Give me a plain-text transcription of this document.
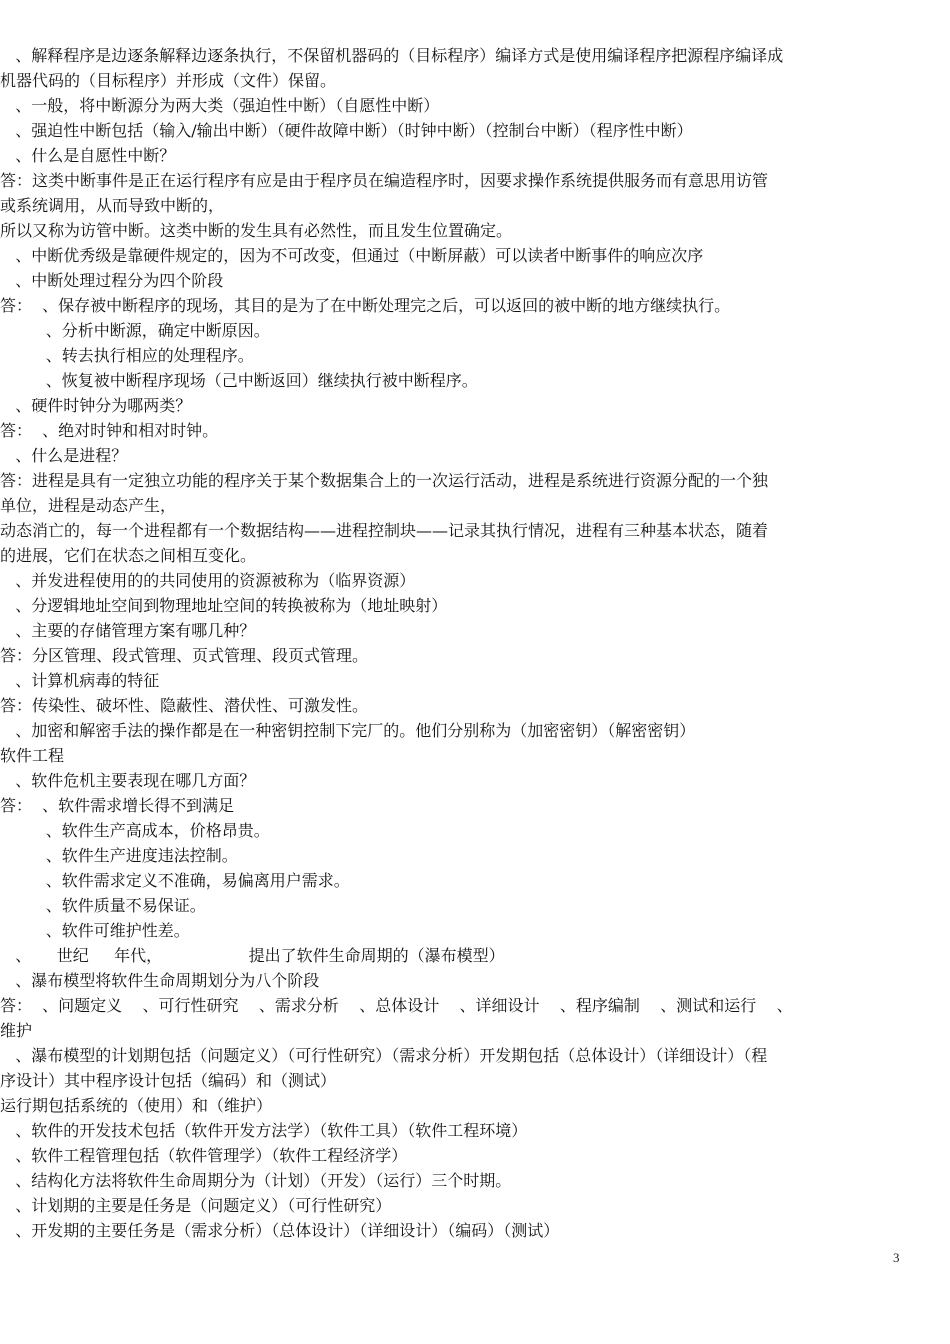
、解释程序是边逐条解释边逐条执行，不保留机器码的（目标程序）编译方式是使用编译程序把源程序编译成
机器代码的（目标程序）并形成（文件）保留。
、一般，将中断源分为两大类（强迫性中断）（自愿性中断）
、强迫性中断包括（输入/输出中断）（硬件故障中断）（时钟中断）（控制台中断）（程序性中断）
、什么是自愿性中断？
答：这类中断事件是正在运行程序有应是由于程序员在编造程序时，因要求操作系统提供服务而有意思用访管
或系统调用，从而导致中断的，
所以又称为访管中断。这类中断的发生具有必然性，而且发生位置确定。
、中断优秀级是靠硬件规定的，因为不可改变，但通过（中断屏蔽）可以读者中断事件的响应次序
、中断处理过程分为四个阶段
答：  、保存被中断程序的现场，其目的是为了在中断处理完之后，可以返回的被中断的地方继续执行。
、分析中断源，确定中断原因。
、转去执行相应的处理程序。
、恢复被中断程序现场（己中断返回）继续执行被中断程序。
、硬件时钟分为哪两类？
答：  、绝对时钟和相对时钟。
、什么是进程？
答：进程是具有一定独立功能的程序关于某个数据集合上的一次运行活动，进程是系统进行资源分配的一个独
单位，进程是动态产生，
动态消亡的，每一个进程都有一个数据结构——进程控制块——记录其执行情况，进程有三种基本状态，随着
的进展，它们在状态之间相互变化。
、并发进程使用的的共同使用的资源被称为（临界资源）
、分逻辑地址空间到物理地址空间的转换被称为（地址映射）
、主要的存储管理方案有哪几种？
答：分区管理、段式管理、页式管理、段页式管理。
、计算机病毒的特征
答：传染性、破坏性、隐蔽性、潜伏性、可激发性。
、加密和解密手法的操作都是在一种密钥控制下完厂的。他们分别称为（加密密钥）（解密密钥）
软件工程
、软件危机主要表现在哪几方面？
答：  、软件需求增长得不到满足
、软件生产高成本，价格昂贵。
、软件生产进度违法控制。
、软件需求定义不准确，易偏离用户需求。
、软件质量不易保证。
、软件可维护性差。
、     世纪     年代，                 提出了软件生命周期的（瀑布模型）
、瀑布模型将软件生命周期划分为八个阶段
答：  、问题定义    、可行性研究    、需求分析    、总体设计    、详细设计    、程序编制    、测试和运行    、
维护
、瀑布模型的计划期包括（问题定义）（可行性研究）（需求分析）开发期包括（总体设计）（详细设计）（程
序设计）其中程序设计包括（编码）和（测试）
运行期包括系统的（使用）和（维护）
、软件的开发技术包括（软件开发方法学）（软件工具）（软件工程环境）
、软件工程管理包括（软件管理学）（软件工程经济学）
、结构化方法将软件生命周期分为（计划）（开发）（运行）三个时期。
、计划期的主要是任务是（问题定义）（可行性研究）
、开发期的主要任务是（需求分析）（总体设计）（详细设计）（编码）（测试）
3
